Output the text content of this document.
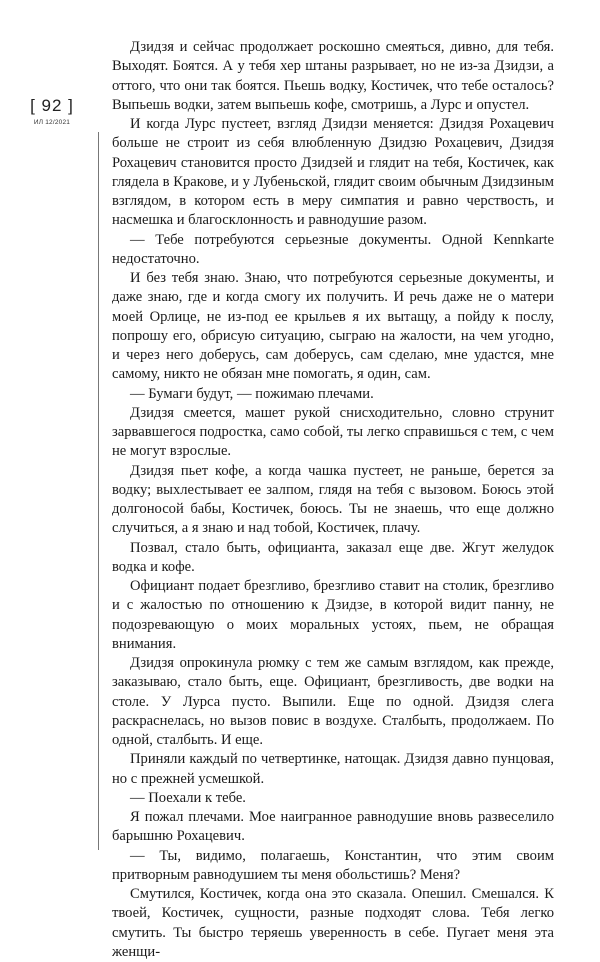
[ 92 ]
ИЛ 12/2021

Дзидзя и сейчас продолжает роскошно смеяться, дивно, для тебя. Выходят. Боятся. А у тебя хер штаны разрывает, но не из-за Дзидзи, а оттого, что они так боятся. Пьешь водку, Костичек, что тебе осталось? Выпьешь водки, затем выпьешь кофе, смотришь, а Лурс и опустел.

И когда Лурс пустеет, взгляд Дзидзи меняется: Дзидзя Рохацевич больше не строит из себя влюбленную Дзидзю Рохацевич, Дзидзя Рохацевич становится просто Дзидзей и глядит на тебя, Костичек, как глядела в Кракове, и у Лубеньской, глядит своим обычным Дзидзиным взглядом, в котором есть в меру симпатия и равно черствость, и насмешка и благосклонность и равнодушие разом.

— Тебе потребуются серьезные документы. Одной Kennkarte недостаточно.

И без тебя знаю. Знаю, что потребуются серьезные документы, и даже знаю, где и когда смогу их получить. И речь даже не о матери моей Орлице, не из-под ее крыльев я их вытащу, а пойду к послу, попрошу его, обрисую ситуацию, сыграю на жалости, на чем угодно, и через него доберусь, сам доберусь, сам сделаю, мне удастся, мне самому, никто не обязан мне помогать, я один, сам.

— Бумаги будут, — пожимаю плечами.

Дзидзя смеется, машет рукой снисходительно, словно струнит зарвавшегося подростка, само собой, ты легко справишься с тем, с чем не могут взрослые.

Дзидзя пьет кофе, а когда чашка пустеет, не раньше, берется за водку; выхлестывает ее залпом, глядя на тебя с вызовом. Боюсь этой долгоносой бабы, Костичек, боюсь. Ты не знаешь, что еще должно случиться, а я знаю и над тобой, Костичек, плачу.

Позвал, стало быть, официанта, заказал еще две. Жгут желудок водка и кофе.

Официант подает брезгливо, брезгливо ставит на столик, брезгливо и с жалостью по отношению к Дзидзе, в которой видит панну, не подозревающую о моих моральных устоях, пьем, не обращая внимания.

Дзидзя опрокинула рюмку с тем же самым взглядом, как прежде, заказываю, стало быть, еще. Официант, брезгливость, две водки на столе. У Лурса пусто. Выпили. Еще по одной. Дзидзя слега раскраснелась, но вызов повис в воздухе. Сталбыть, продолжаем. По одной, сталбыть. И еще.

Приняли каждый по четвертинке, натощак. Дзидзя давно пунцовая, но с прежней усмешкой.

— Поехали к тебе.

Я пожал плечами. Мое наигранное равнодушие вновь развеселило барышню Рохацевич.

— Ты, видимо, полагаешь, Константин, что этим своим притворным равнодушием ты меня обольстишь? Меня?

Смутился, Костичек, когда она это сказала. Опешил. Смешался. К твоей, Костичек, сущности, разные подходят слова. Тебя легко смутить. Ты быстро теряешь уверенность в себе. Пугает меня эта женщи-
